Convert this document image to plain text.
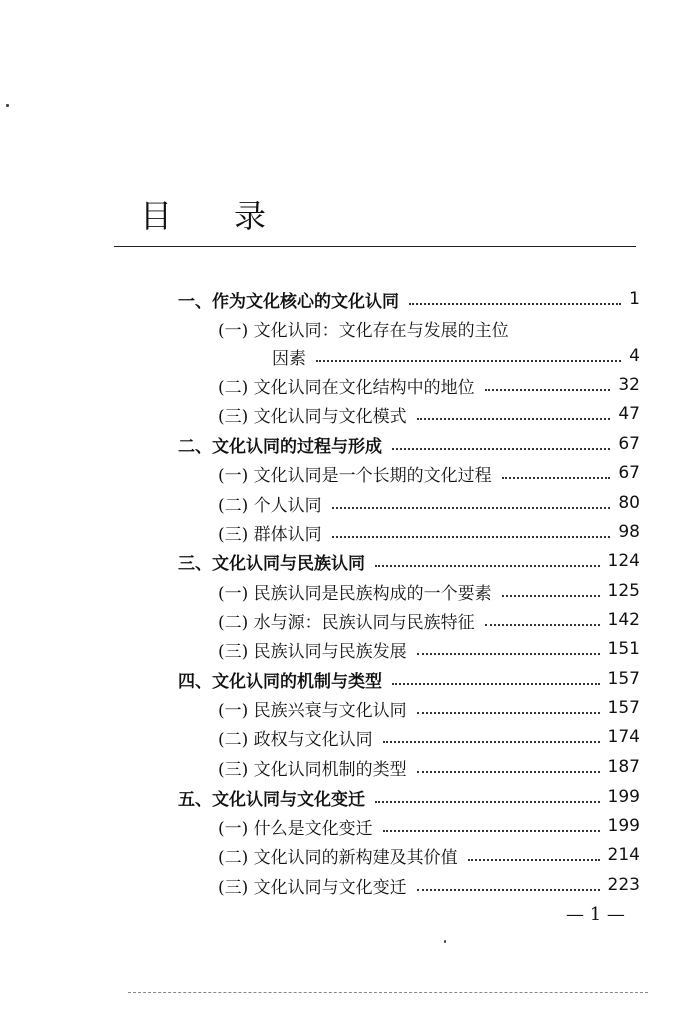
目 录
一、作为文化核心的文化认同	1
(一) 文化认同：文化存在与发展的主位
因素	4
(二) 文化认同在文化结构中的地位	32
(三) 文化认同与文化模式	47
二、文化认同的过程与形成	67
(一) 文化认同是一个长期的文化过程	67
(二) 个人认同	80
(三) 群体认同	98
三、文化认同与民族认同	124
(一) 民族认同是民族构成的一个要素	125
(二) 水与源：民族认同与民族特征	142
(三) 民族认同与民族发展	151
四、文化认同的机制与类型	157
(一) 民族兴衰与文化认同	157
(二) 政权与文化认同	174
(三) 文化认同机制的类型	187
五、文化认同与文化变迁	199
(一) 什么是文化变迁	199
(二) 文化认同的新构建及其价值	214
(三) 文化认同与文化变迁	223
— 1 —
